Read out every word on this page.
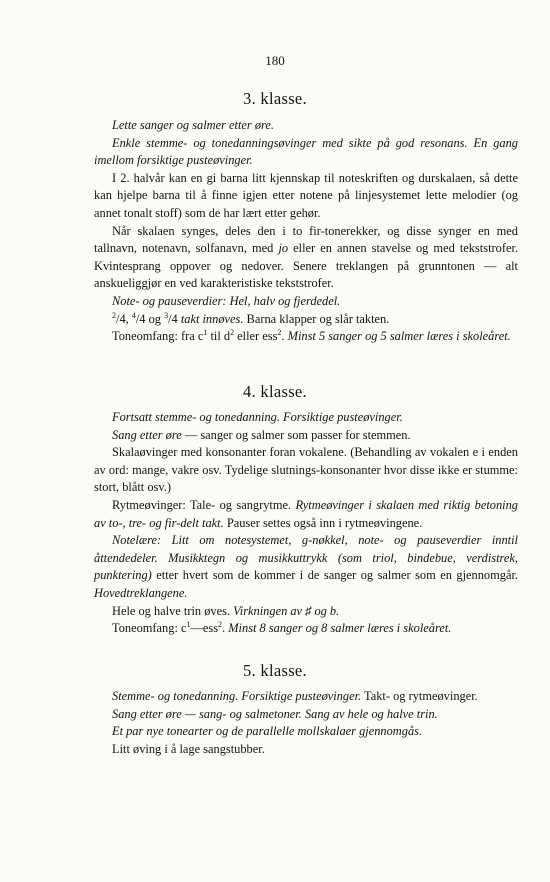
180
3. klasse.

Lette sanger og salmer etter øre.

Enkle stemme- og tonedanningsøvinger med sikte på god resonans. En gang imellom forsiktige pusteøvinger.

I 2. halvår kan en gi barna litt kjennskap til noteskriften og durskalaen, så dette kan hjelpe barna til å finne igjen etter notene på linjesystemet lette melodier (og annet tonalt stoff) som de har lært etter gehør.

Når skalaen synges, deles den i to fir-tonerekker, og disse synger en med tallnavn, notenavn, solfanavn, med jo eller en annen stavelse og med tekststrofer. Kvintesprang oppover og nedover. Senere treklangen på grunntonen — alt anskueliggjør en ved karakteristiske tekststrofer.

Note- og pauseverdier: Hel, halv og fjerdedel.

$^2$/4, $^4$/4 og $^3$/4 takt innøves. Barna klapper og slår takten.

Toneomfang: fra $c^1$ til $d^2$ eller ess$^2$. Minst 5 sanger og 5 salmer læres i skoleåret.

4. klasse.

Fortsatt stemme- og tonedanning. Forsiktige pusteøvinger.

Sang etter øre — sanger og salmer som passer for stemmen.

Skalaøvinger med konsonanter foran vokalene. (Behandling av vokalen e i enden av ord: mange, vakre osv. Tydelige slutnings-konsonanter hvor disse ikke er stumme: stort, blått osv.)

Rytmeøvinger: Tale- og sangrytme. Rytmeøvinger i skalaen med riktig betoning av to-, tre- og fir-delt takt. Pauser settes også inn i rytmeøvingene.

Notelære: Litt om notesystemet, g-nøkkel, note- og pauseverdier inntil åttendedeler. Musikktegn og musikkuttrykk (som triol, bindebue, verdistrek, punktering) etter hvert som de kommer i de sanger og salmer som en gjennomgår. Hovedtreklangene.

Hele og halve trin øves. Virkningen av ♯ og b.

Toneomfang: $c^1—ess^2$. Minst 8 sanger og 8 salmer læres i skoleåret.

5. klasse.

Stemme- og tonedanning. Forsiktige pusteøvinger. Takt- og rytmeøvinger.

Sang etter øre — sang- og salmetoner. Sang av hele og halve trin.

Et par nye tonearter og de parallelle mollskalaer gjennomgås.

Litt øving i å lage sangstubber.
